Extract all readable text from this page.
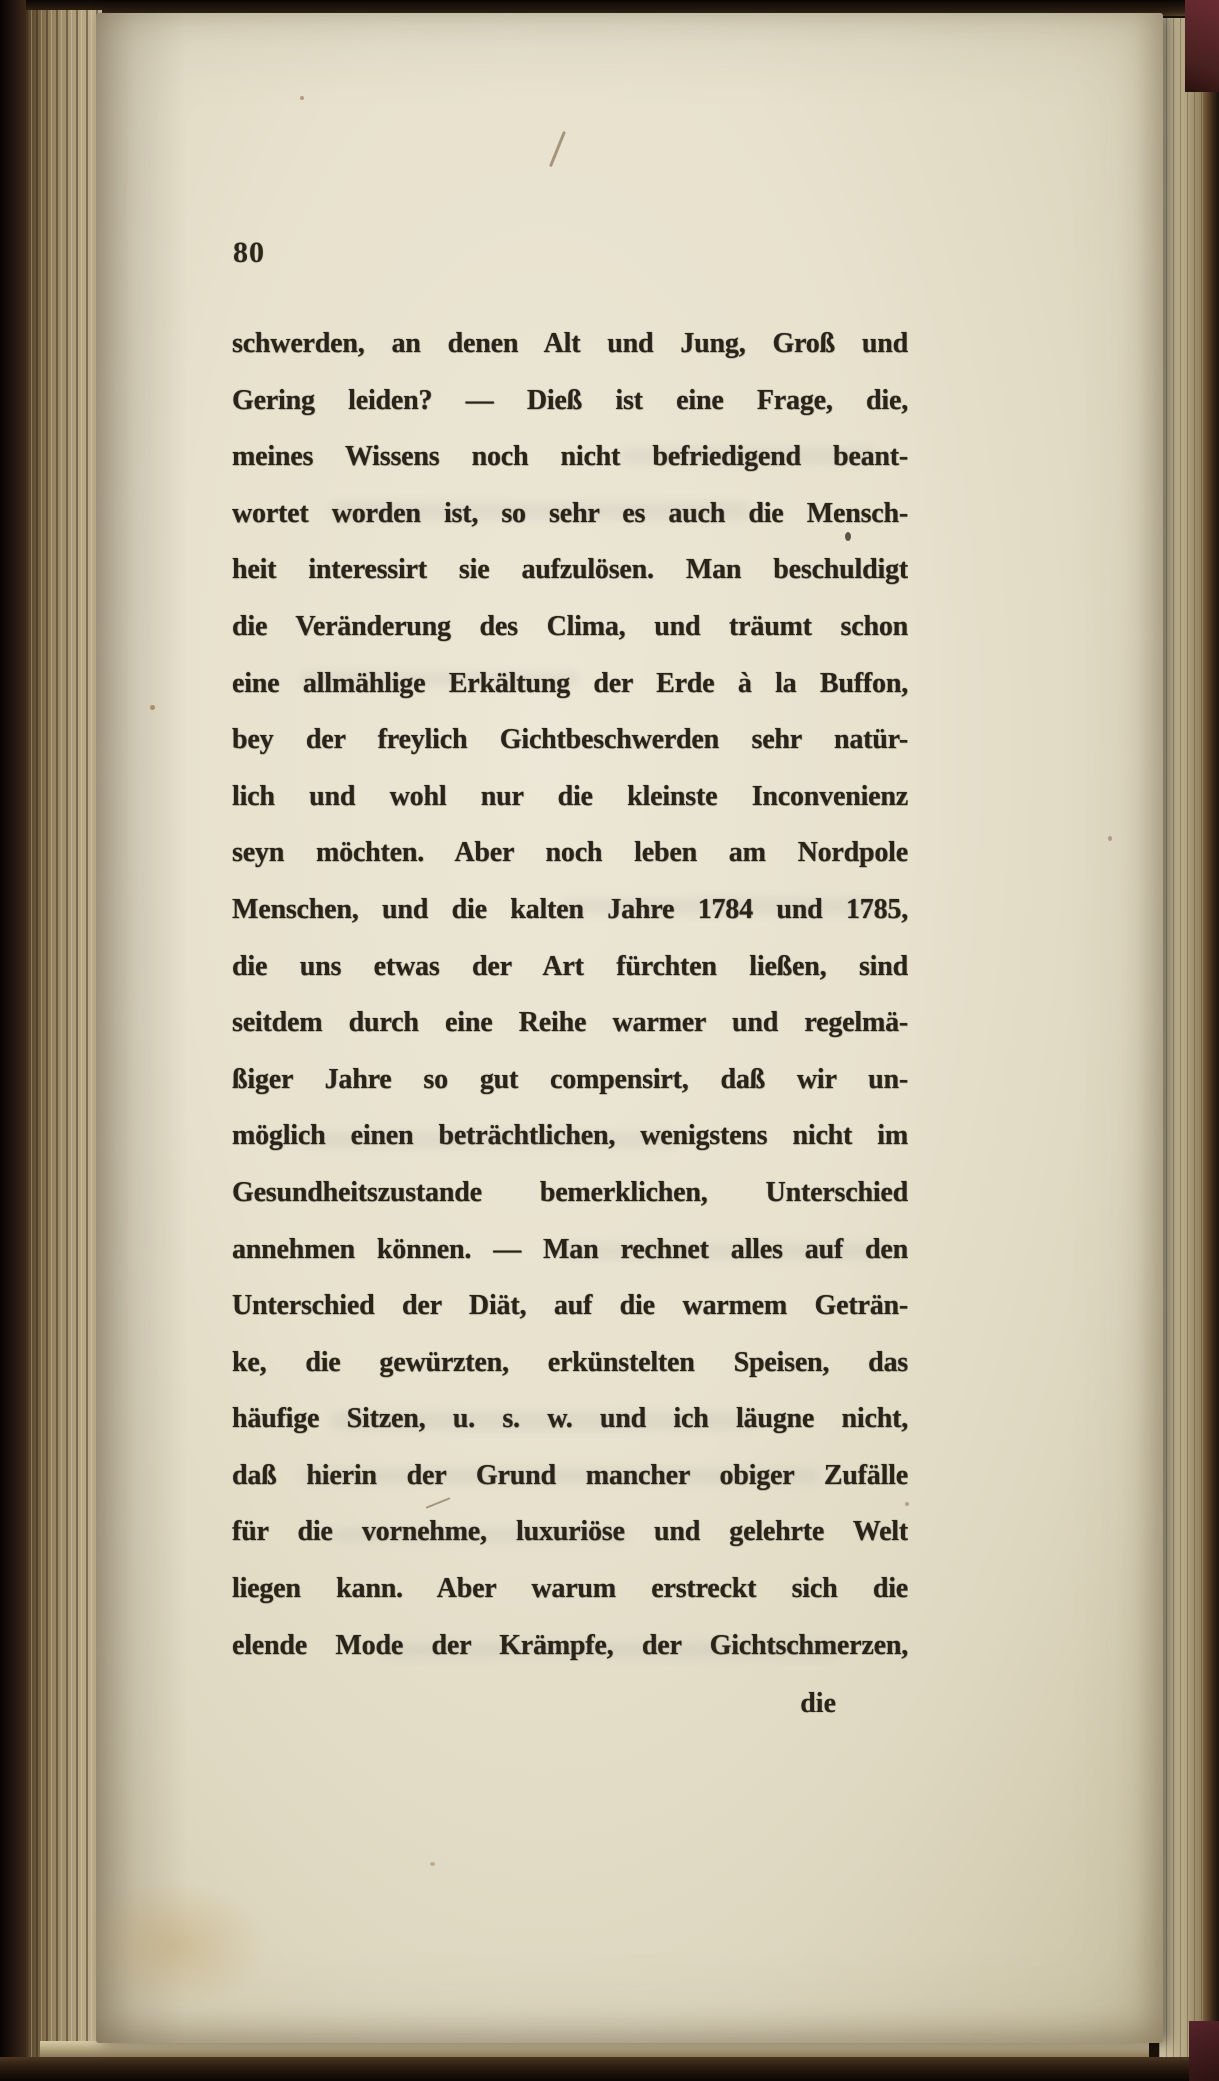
80
schwerden, an denen Alt und Jung, Groß und
Gering leiden? — Dieß ist eine Frage, die,
meines Wissens noch nicht befriedigend beant-
wortet worden ist, so sehr es auch die Mensch-
heit interessirt sie aufzulösen. Man beschuldigt
die Veränderung des Clima, und träumt schon
eine allmählige Erkältung der Erde à la Buffon,
bey der freylich Gichtbeschwerden sehr natür-
lich und wohl nur die kleinste Inconvenienz
seyn möchten. Aber noch leben am Nordpole
Menschen, und die kalten Jahre 1784 und 1785,
die uns etwas der Art fürchten ließen, sind
seitdem durch eine Reihe warmer und regelmä-
ßiger Jahre so gut compensirt, daß wir un-
möglich einen beträchtlichen, wenigstens nicht im
Gesundheitszustande bemerklichen, Unterschied
annehmen können. — Man rechnet alles auf den
Unterschied der Diät, auf die warmem Geträn-
ke, die gewürzten, erkünstelten Speisen, das
häufige Sitzen, u. s. w. und ich läugne nicht,
daß hierin der Grund mancher obiger Zufälle
für die vornehme, luxuriöse und gelehrte Welt
liegen kann. Aber warum erstreckt sich die
elende Mode der Krämpfe, der Gichtschmerzen,
die
